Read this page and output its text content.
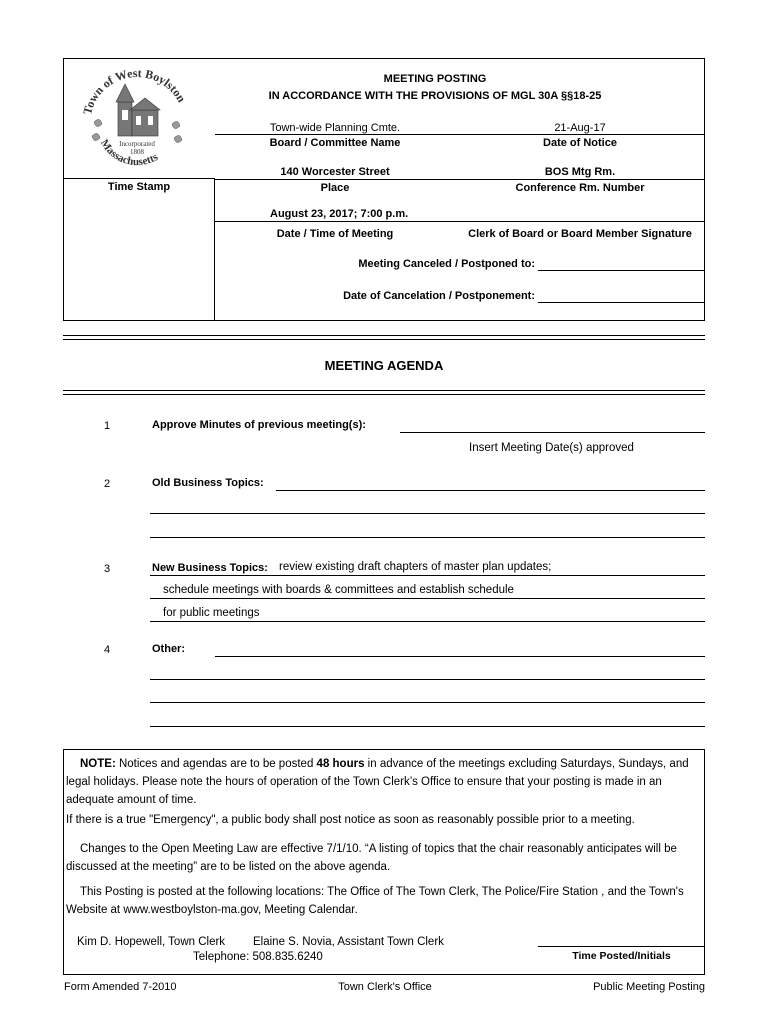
Time Stamp
Town of West Boylston
Massachusetts
Incorporated
1808
MEETING POSTING
IN ACCORDANCE WITH THE PROVISIONS OF MGL 30A §§18-25
Town-wide Planning Cmte.	21-Aug-17
Board / Committee Name	Date of Notice
140 Worcester Street	BOS Mtg Rm.
Place	Conference Rm. Number
August 23, 2017; 7:00 p.m.
Date / Time of Meeting	Clerk of Board or Board Member Signature
Meeting Canceled / Postponed to:
Date of Cancelation / Postponement:
MEETING AGENDA
1	Approve Minutes of previous meeting(s):
Insert Meeting Date(s) approved
2	Old Business Topics:
3	New Business Topics: review existing draft chapters of master plan updates;
schedule meetings with boards & committees and establish schedule
for public meetings
4	Other:
NOTE: Notices and agendas are to be posted 48 hours in advance of the meetings excluding Saturdays, Sundays, and legal holidays. Please note the hours of operation of the Town Clerk’s Office to ensure that your posting is made in an adequate amount of time.
If there is a true "Emergency", a public body shall post notice as soon as reasonably possible prior to a meeting.
Changes to the Open Meeting Law are effective 7/1/10. “A listing of topics that the chair reasonably anticipates will be discussed at the meeting” are to be listed on the above agenda.
This Posting is posted at the following locations: The Office of The Town Clerk, The Police/Fire Station , and the Town's Website at www.westboylston-ma.gov, Meeting Calendar.
Kim D. Hopewell, Town Clerk Elaine S. Novia, Assistant Town Clerk
Telephone: 508.835.6240	Time Posted/Initials
Form Amended 7-2010	Town Clerk's Office	Public Meeting Posting
